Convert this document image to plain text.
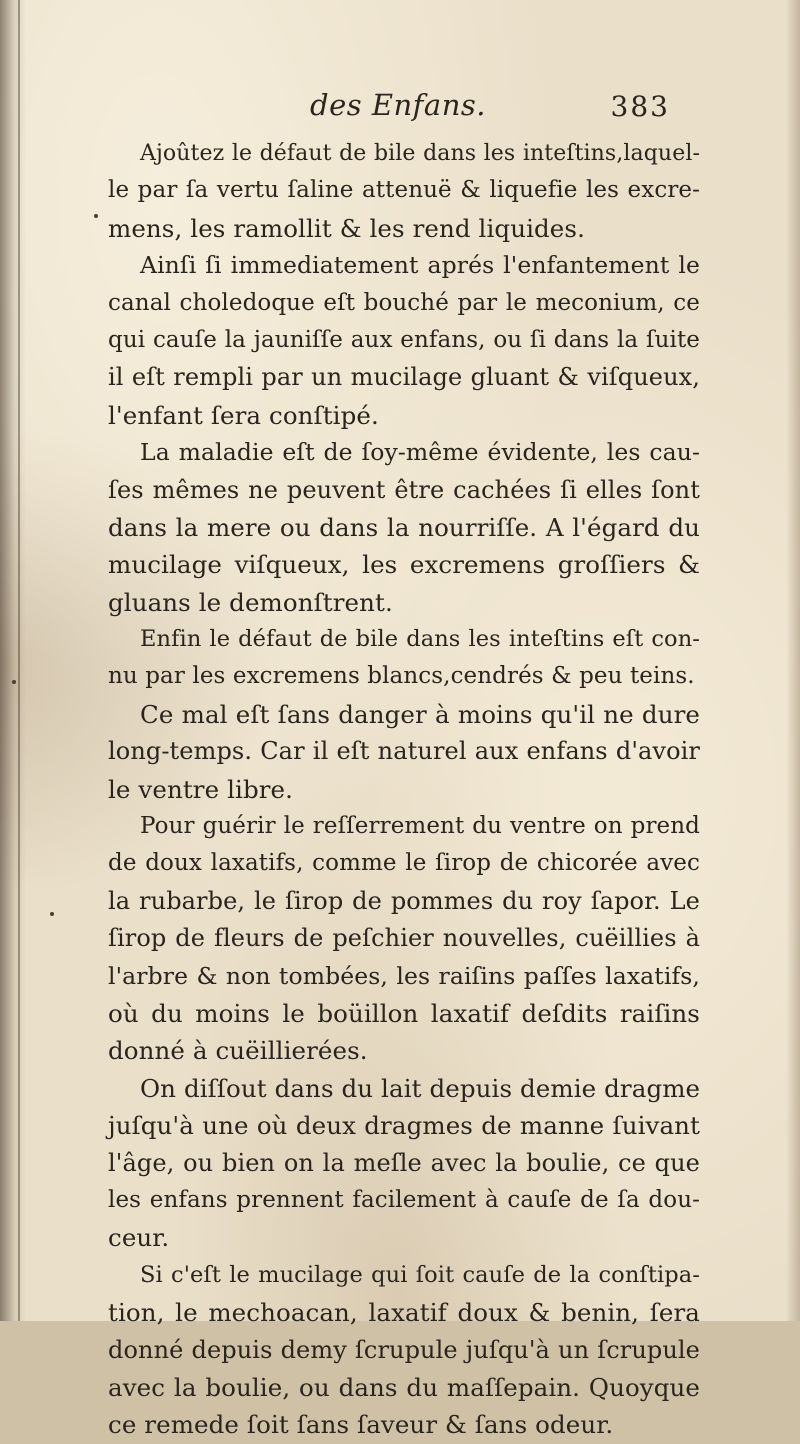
des Enfans.	383
Ajoûtez le défaut de bile dans les inteſtins,laquel-
le par ſa vertu ſaline attenuë & liquefie les excre-
mens, les ramollit & les rend liquides.
Ainſi ſi immediatement aprés l'enfantement le
canal choledoque eſt bouché par le meconium, ce
qui cauſe la jauniſſe aux enfans, ou ſi dans la ſuite
il eſt rempli par un mucilage gluant & viſqueux,
l'enfant ſera conſtipé.
La maladie eſt de ſoy-même évidente, les cau-
ſes mêmes ne peuvent être cachées ſi elles ſont
dans la mere ou dans la nourriſſe. A l'égard du
mucilage viſqueux, les excremens groſſiers &
gluans le demonſtrent.
Enfin le défaut de bile dans les inteſtins eſt con-
nu par les excremens blancs,cendrés & peu teins.
Ce mal eſt ſans danger à moins qu'il ne dure
long-temps. Car il eſt naturel aux enfans d'avoir
le ventre libre.
Pour guérir le reſſerrement du ventre on prend
de doux laxatifs, comme le ſirop de chicorée avec
la rubarbe, le ſirop de pommes du roy ſapor. Le
ſirop de fleurs de peſchier nouvelles, cuëillies à
l'arbre & non tombées, les raiſins paſſes laxatifs,
où du moins le boüillon laxatif deſdits raiſins
donné à cuëillierées.
On diſſout dans du lait depuis demie dragme
juſqu'à une où deux dragmes de manne ſuivant
l'âge, ou bien on la meſle avec la boulie, ce que
les enfans prennent facilement à cauſe de ſa dou-
ceur.
Si c'eſt le mucilage qui ſoit cauſe de la conſtipa-
tion, le mechoacan, laxatif doux & benin, ſera
donné depuis demy ſcrupule juſqu'à un ſcrupule
avec la boulie, ou dans du maſſepain. Quoyque
ce remede ſoit ſans ſaveur & ſans odeur.
